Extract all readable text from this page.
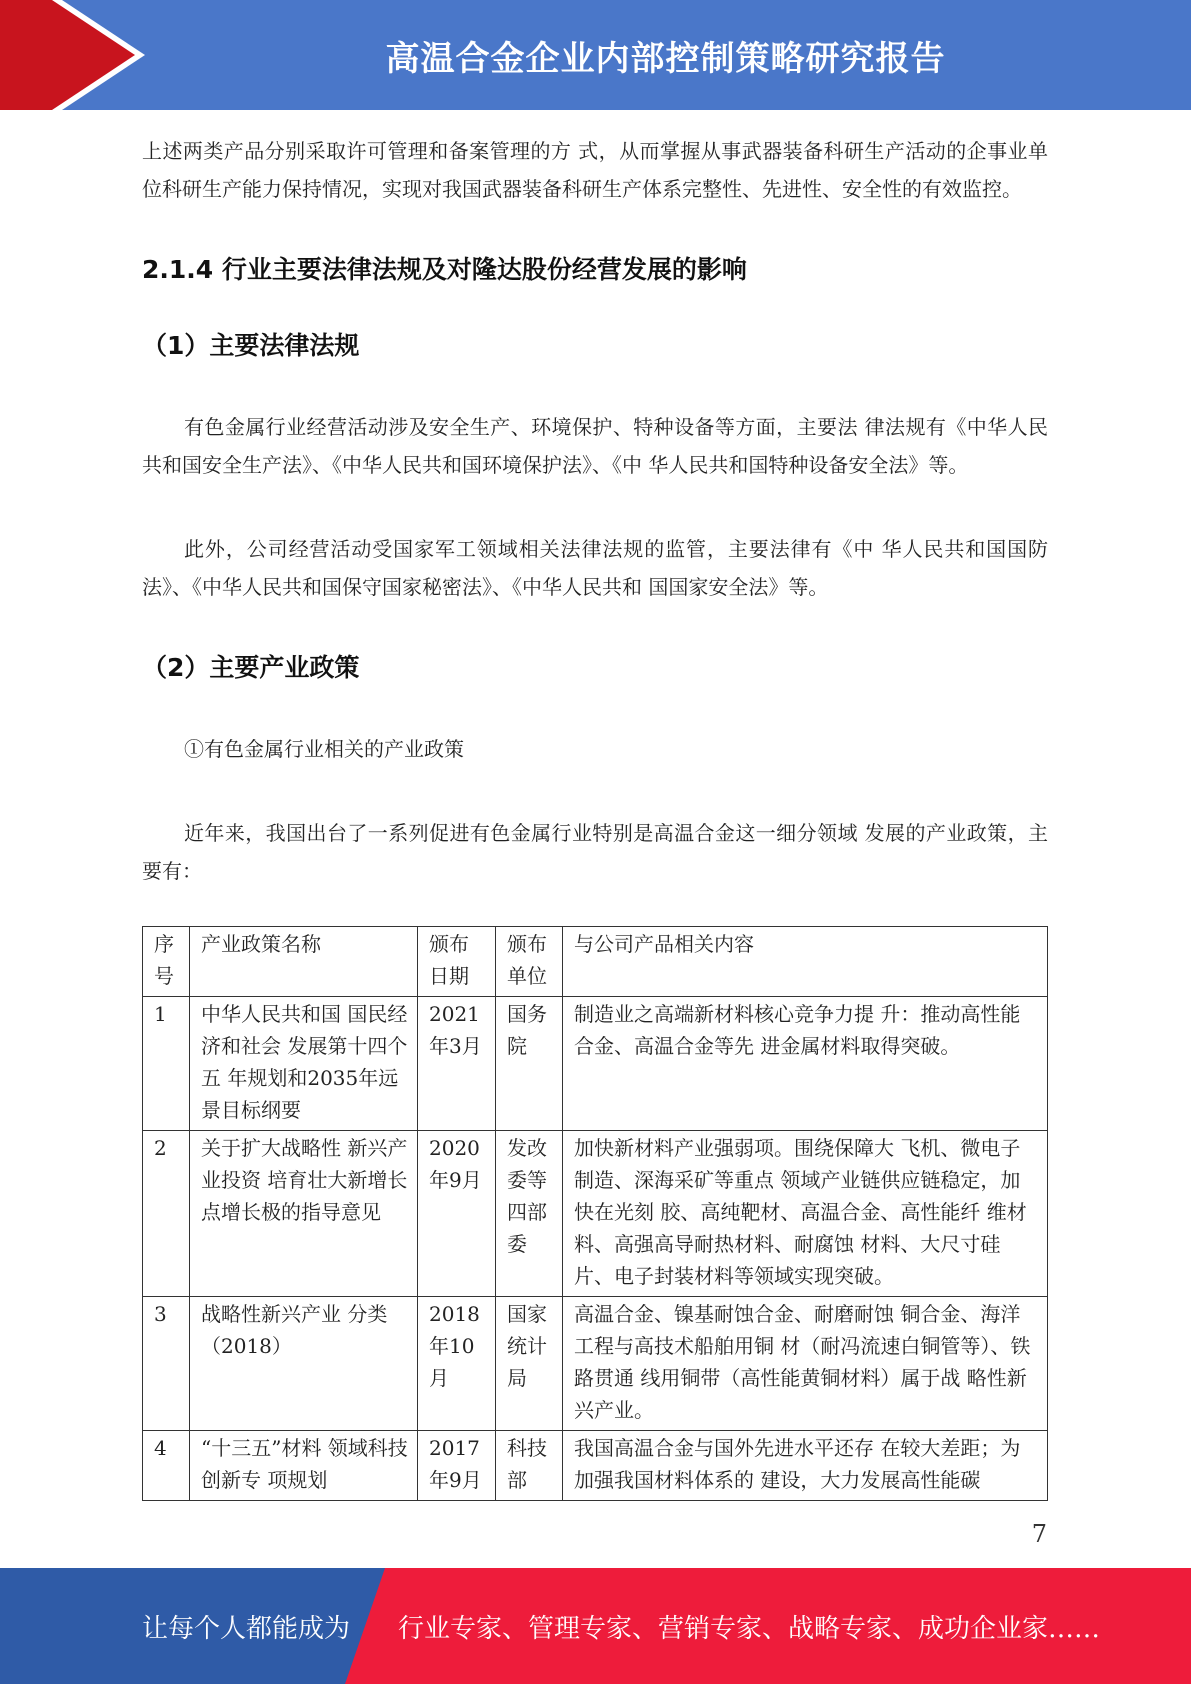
高温合金企业内部控制策略研究报告

上述两类产品分别采取许可管理和备案管理的方 式，从而掌握从事武器装备科研生产活动的企事业单位科研生产能力保持情况，实现对我国武器装备科研生产体系完整性、先进性、安全性的有效监控。

2.1.4 行业主要法律法规及对隆达股份经营发展的影响
（1）主要法律法规

有色金属行业经营活动涉及安全生产、环境保护、特种设备等方面，主要法 律法规有《中华人民共和国安全生产法》、《中华人民共和国环境保护法》、《中 华人民共和国特种设备安全法》等。

此外，公司经营活动受国家军工领域相关法律法规的监管，主要法律有《中 华人民共和国国防法》、《中华人民共和国保守国家秘密法》、《中华人民共和 国国家安全法》等。

（2）主要产业政策

①有色金属行业相关的产业政策

近年来，我国出台了一系列促进有色金属行业特别是高温合金这一细分领域 发展的产业政策，主要有：

序号	产业政策名称	颁布日期	颁布单位	与公司产品相关内容
1	中华人民共和国 国民经济和社会 发展第十四个五 年规划和2035年远景目标纲要	2021年3月	国务院	制造业之高端新材料核心竞争力提 升：推动高性能合金、高温合金等先 进金属材料取得突破。
2	关于扩大战略性 新兴产业投资 培育壮大新增长 点增长极的指导意见	2020年9月	发改委等四部委	加快新材料产业强弱项。围绕保障大 飞机、微电子制造、深海采矿等重点 领域产业链供应链稳定，加快在光刻 胶、高纯靶材、高温合金、高性能纤 维材料、高强高导耐热材料、耐腐蚀 材料、大尺寸硅片、电子封装材料等领域实现突破。
3	战略性新兴产业 分类（2018）	2018年10月	国家统计局	高温合金、镍基耐蚀合金、耐磨耐蚀 铜合金、海洋工程与高技术船舶用铜 材（耐冯流速白铜管等）、铁路贯通 线用铜带（高性能黄铜材料）属于战 略性新兴产业。
4	“十三五”材料 领域科技创新专 项规划	2017年9月	科技部	我国高温合金与国外先进水平还存 在较大差距；为加强我国材料体系的 建设，大力发展高性能碳
7
让每个人都能成为 行业专家、管理专家、营销专家、战略专家、成功企业家……
